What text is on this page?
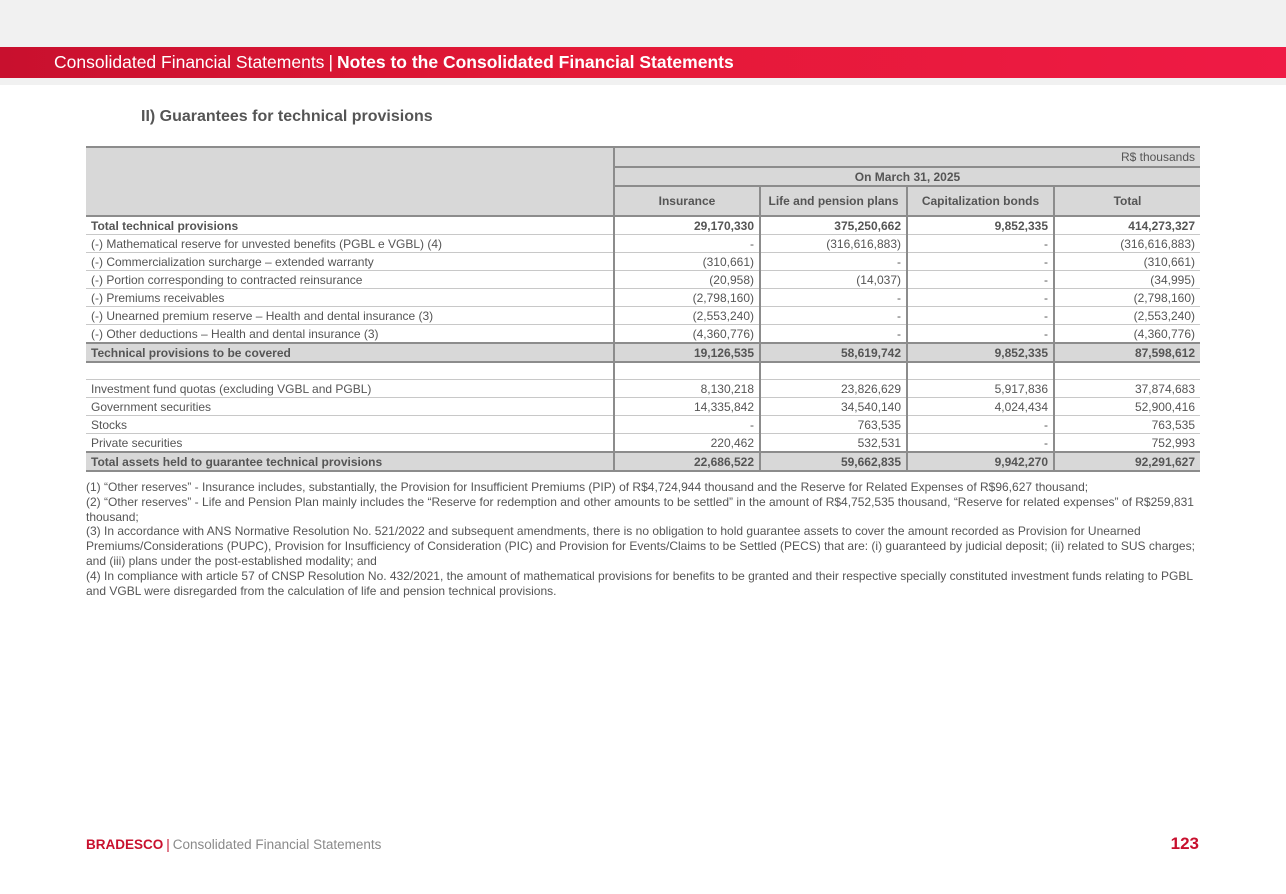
Consolidated Financial Statements | Notes to the Consolidated Financial Statements
II) Guarantees for technical provisions
	R$ thousands			
	On March 31, 2025			
	Insurance	Life and pension plans	Capitalization bonds	Total
Total technical provisions	29,170,330	375,250,662	9,852,335	414,273,327
(-) Mathematical reserve for unvested benefits (PGBL e VGBL) (4)	-	(316,616,883)	-	(316,616,883)
(-) Commercialization surcharge – extended warranty	(310,661)	-	-	(310,661)
(-) Portion corresponding to contracted reinsurance	(20,958)	(14,037)	-	(34,995)
(-) Premiums receivables	(2,798,160)	-	-	(2,798,160)
(-) Unearned premium reserve – Health and dental insurance (3)	(2,553,240)	-	-	(2,553,240)
(-) Other deductions – Health and dental insurance (3)	(4,360,776)	-	-	(4,360,776)
Technical provisions to be covered	19,126,535	58,619,742	9,852,335	87,598,612

Investment fund quotas (excluding VGBL and PGBL)	8,130,218	23,826,629	5,917,836	37,874,683
Government securities	14,335,842	34,540,140	4,024,434	52,900,416
Stocks	-	763,535	-	763,535
Private securities	220,462	532,531	-	752,993
Total assets held to guarantee technical provisions	22,686,522	59,662,835	9,942,270	92,291,627

(1) “Other reserves” - Insurance includes, substantially, the Provision for Insufficient Premiums (PIP) of R$4,724,944 thousand and the Reserve for Related Expenses of R$96,627 thousand;

(2) “Other reserves” - Life and Pension Plan mainly includes the “Reserve for redemption and other amounts to be settled” in the amount of R$4,752,535 thousand, “Reserve for related expenses” of R$259,831 thousand;

(3) In accordance with ANS Normative Resolution No. 521/2022 and subsequent amendments, there is no obligation to hold guarantee assets to cover the amount recorded as Provision for Unearned Premiums/Considerations (PUPC), Provision for Insufficiency of Consideration (PIC) and Provision for Events/Claims to be Settled (PECS) that are: (i) guaranteed by judicial deposit; (ii) related to SUS charges; and (iii) plans under the post-established modality; and

(4) In compliance with article 57 of CNSP Resolution No. 432/2021, the amount of mathematical provisions for benefits to be granted and their respective specially constituted investment funds relating to PGBL and VGBL were disregarded from the calculation of life and pension technical provisions.

BRADESCO | Consolidated Financial Statements	123
